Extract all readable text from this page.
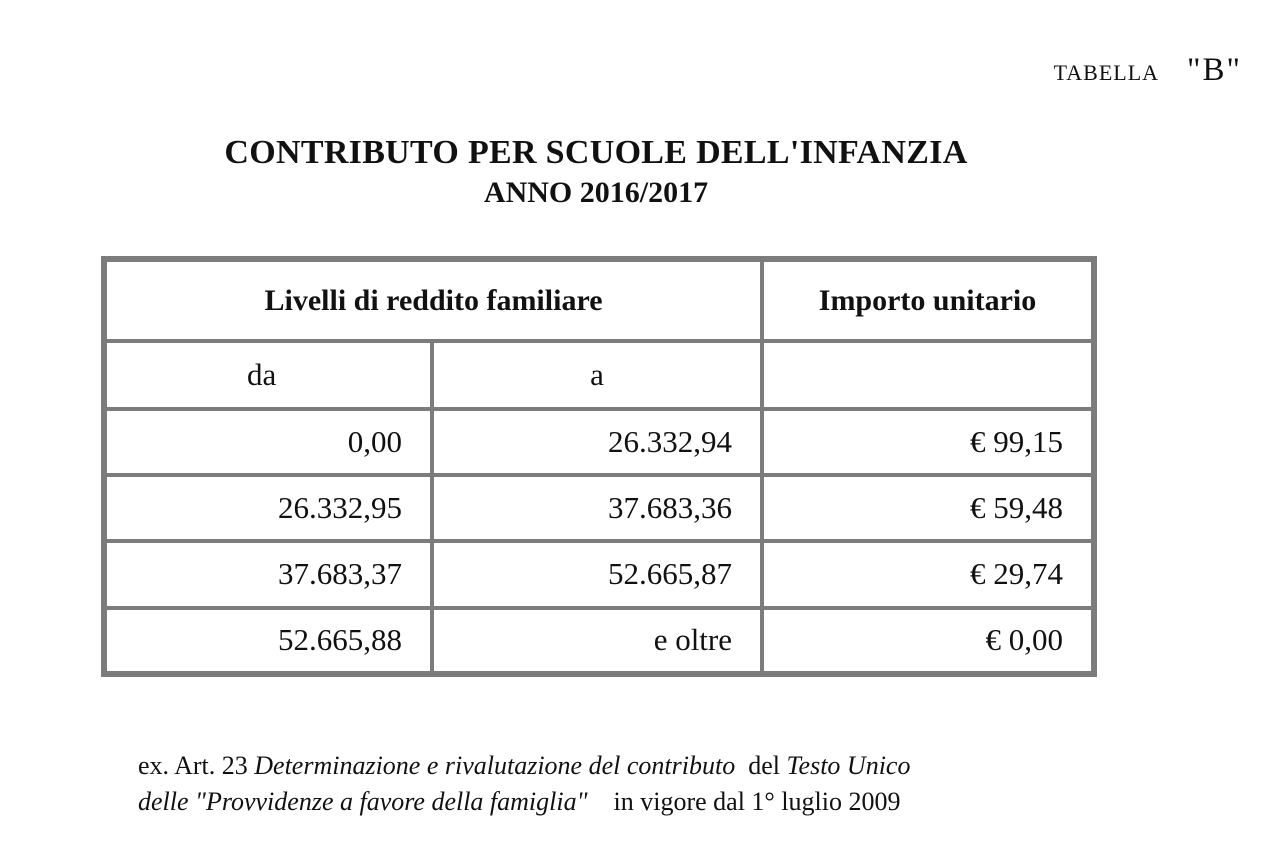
TABELLA "B"
CONTRIBUTO PER SCUOLE DELL'INFANZIA
ANNO 2016/2017
Livelli di reddito familiare		Importo unitario
da	a	
0,00	26.332,94	€ 99,15
26.332,95	37.683,36	€ 59,48
37.683,37	52.665,87	€ 29,74
52.665,88	e oltre	€ 0,00
ex. Art. 23 Determinazione e rivalutazione del contributo  del Testo Unico
delle "Provvidenze a favore della famiglia"    in vigore dal 1° luglio 2009
